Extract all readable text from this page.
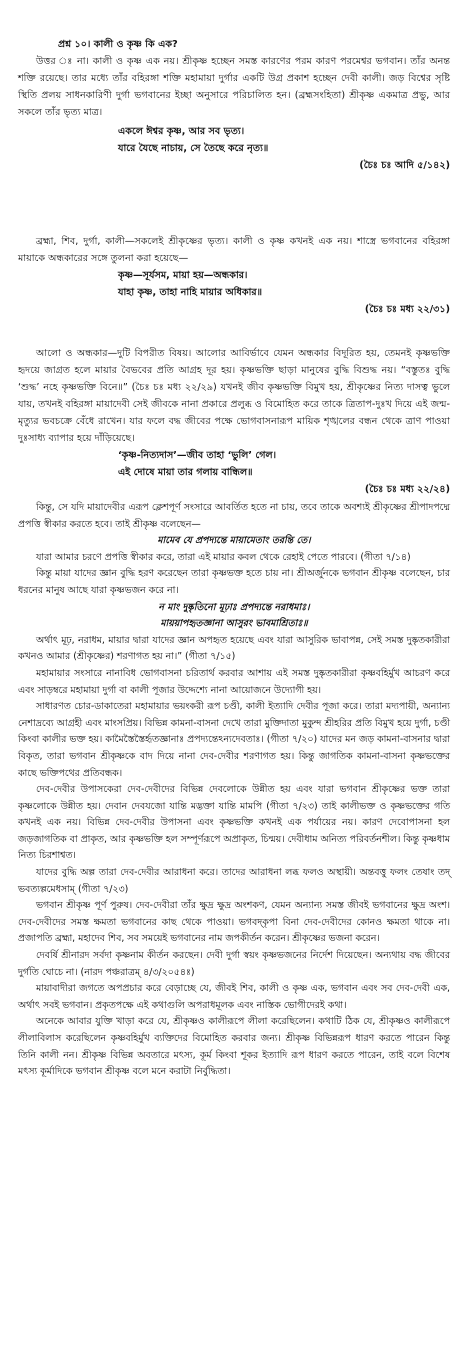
প্রশ্ন ১০। কালী ও কৃষ্ণ কি এক?

উত্তর ঃ না। কালী ও কৃষ্ণ এক নয়। শ্রীকৃষ্ণ হচ্ছেন সমস্ত কারণের পরম কারণ পরমেশ্বর ভগবান। তাঁর অনন্ত শক্তি রয়েছে। তার মধ্যে তাঁর বহিরঙ্গা শক্তি মহামায়া দুর্গার একটি উগ্র প্রকাশ হচ্ছেন দেবী কালী। জড় বিশ্বের সৃষ্টি স্থিতি প্রলয় সাধনকারিণী দুর্গা ভগবানের ইচ্ছা অনুসারে পরিচালিত হন। (ব্রহ্মসংহিতা) শ্রীকৃষ্ণ একমাত্র প্রভু, আর সকলে তাঁর ভৃত্য মাত্র।

একলে ঈশ্বর কৃষ্ণ, আর সব ভৃত্য।

যারে যৈছে নাচায়, সে তৈছে করে নৃত্য॥

(চৈঃ চঃ আদি ৫/১৪২)

ব্রহ্মা, শিব, দুর্গা, কালী—সকলেই শ্রীকৃষ্ণের ভৃত্য। কালী ও কৃষ্ণ কখনই এক নয়। শাস্ত্রে ভগবানের বহিরঙ্গা মায়াকে অন্ধকারের সঙ্গে তুলনা করা হয়েছে—

কৃষ্ণ—সূর্যসম, মায়া হয়—অন্ধকার।

যাহা কৃষ্ণ, তাহা নাহি মায়ার অধিকার॥

(চৈঃ চঃ মধ্য ২২/৩১)

আলো ও অন্ধকার—দুটি বিপরীত বিষয়। আলোর আবির্ভাবে যেমন অন্ধকার বিদূরিত হয়, তেমনই কৃষ্ণভক্তি হৃদয়ে জাগ্রত হলে মায়ার বৈভবের প্রতি আগ্রহ দূর হয়। কৃষ্ণভক্তি ছাড়া মানুষের বুদ্ধি বিশুদ্ধ নয়। “বস্তুতঃ বুদ্ধি ‘শুদ্ধ’ নহে কৃষ্ণভক্তি বিনে॥” (চৈঃ চঃ মধ্য ২২/২৯) যখনই জীব কৃষ্ণভক্তি বিমুখ হয়, শ্রীকৃষ্ণের নিত্য দাসত্ব ভুলে যায়, তখনই বহিরঙ্গা মায়াদেবী সেই জীবকে নানা প্রকারে প্রলুব্ধ ও বিমোহিত করে তাকে ত্রিতাপ-দুঃখ দিয়ে এই জন্ম-মৃত্যুর ভবচক্রে বেঁধে রাখেন। যার ফলে বদ্ধ জীবের পক্ষে ভোগবাসনারূপ মায়িক শৃঙ্খলের বন্ধন থেকে ত্রাণ পাওয়া দুঃসাধ্য ব্যাপার হয়ে দাঁড়িয়েছে।

‘কৃষ্ণ-নিত্যদাস’—জীব তাহা ‘ভুলি’ গেল।

এই দোষে মায়া তার গলায় বান্ধিল॥

(চৈঃ চঃ মধ্য ২২/২৪)

কিন্তু, সে যদি মায়াদেবীর এরূপ ক্লেশপূর্ণ সংসারে আবর্তিত হতে না চায়, তবে তাকে অবশ্যই শ্রীকৃষ্ণের শ্রীপাদপদ্মে প্রপত্তি স্বীকার করতে হবে। তাই শ্রীকৃষ্ণ বলেছেন—

মামেব যে প্রপদ্যন্তে মায়ামেতাং তরন্তি তে।

যারা আমার চরণে প্রপত্তি স্বীকার করে, তারা এই মায়ার কবল থেকে রেহাই পেতে পারবে। (গীতা ৭/১৪)

কিন্তু মায়া যাদের জ্ঞান বুদ্ধি হরণ করেছেন তারা কৃষ্ণভক্ত হতে চায় না। শ্রীঅর্জুনকে ভগবান শ্রীকৃষ্ণ বলেছেন, চার ধরনের মানুষ আছে যারা কৃষ্ণভজন করে না।

ন মাং দুষ্কৃতিনো মূঢ়াঃ প্রপদ্যন্তে নরাধমাঃ।

মায়য়াপহৃতজ্ঞানা আসুরং ভাবমাশ্রিতাঃ॥

অর্থাৎ মূঢ়, নরাধম, মায়ার দ্বারা যাদের জ্ঞান অপহৃত হয়েছে এবং যারা আসুরিক ভাবাপন্ন, সেই সমস্ত দুষ্কৃতকারীরা কখনও আমার (শ্রীকৃষ্ণের) শরণাগত হয় না।” (গীতা ৭/১৫)

মহামায়ার সংসারে নানাবিধ ভোগবাসনা চরিতার্থ করবার আশায় এই সমস্ত দুষ্কৃতকারীরা কৃষ্ণবহির্মুখ আচরণ করে এবং সাড়ম্বরে মহামায়া দুর্গা বা কালী পূজার উদ্দেশ্যে নানা আয়োজনে উদ্যোগী হয়।

সাধারণত চোর-ডাকাতেরা মহামায়ার ভয়ংকরী রূপ চণ্ডী, কালী ইত্যাদি দেবীর পূজা করে। তারা মদ্যপায়ী, অন্যান্য নেশাদ্রব্যে আগ্রহী এবং মাংসপ্রিয়। বিভিন্ন কামনা-বাসনা দেখে তারা মুক্তিদাতা মুকুন্দ শ্রীহরির প্রতি বিমুখ হয়ে দুর্গা, চণ্ডী কিংবা কালীর ভক্ত হয়। কামৈস্তৈস্তৈর্হৃতজ্ঞানাঃ প্রপদ্যন্তেঽন্যদেবতাঃ। (গীতা ৭/২০) যাদের মন জড় কামনা-বাসনার দ্বারা বিকৃত, তারা ভগবান শ্রীকৃষ্ণকে বাদ দিয়ে নানা দেব-দেবীর শরণাগত হয়। কিন্তু জাগতিক কামনা-বাসনা কৃষ্ণভক্তের কাছে ভক্তিপথের প্রতিবন্ধক।

দেব-দেবীর উপাসকেরা দেব-দেবীদের বিভিন্ন দেবলোকে উন্নীত হয় এবং যারা ভগবান শ্রীকৃষ্ণের ভক্ত তারা কৃষ্ণলোকে উন্নীত হয়। দেবান দেবযজো যান্তি মদ্ভক্তা যান্তি মামপি (গীতা ৭/২৩) তাই কালীভক্ত ও কৃষ্ণভক্তের গতি কখনই এক নয়। বিভিন্ন দেব-দেবীর উপাসনা এবং কৃষ্ণভক্তি কখনই এক পর্যায়ের নয়। কারণ দেবোপাসনা হল জড়জাগতিক বা প্রাকৃত, আর কৃষ্ণভক্তি হল সম্পূর্ণরূপে অপ্রাকৃত, চিন্ময়। দেবীধাম অনিত্য পরিবর্তনশীল। কিন্তু কৃষ্ণধাম নিত্য চিরশাশ্বত।

যাদের বুদ্ধি অল্প তারা দেব-দেবীর আরাধনা করে। তাদের আরাধনা লব্ধ ফলও অস্থায়ী। অন্তবত্তু ফলং তেষাং তদ্ ভবত্যল্পমেধসাম্ (গীতা ৭/২৩)

ভগবান শ্রীকৃষ্ণ পূর্ণ পুরুষ। দেব-দেবীরা তাঁর ক্ষুদ্র ক্ষুদ্র অংশকণ, যেমন অন্যান্য সমস্ত জীবই ভগবানের ক্ষুদ্র অংশ। দেব-দেবীদের সমস্ত ক্ষমতা ভগবানের কাছ থেকে পাওয়া। ভগবদ্‌কৃপা বিনা দেব-দেবীদের কোনও ক্ষমতা থাকে না। প্রজাপতি ব্রহ্মা, মহাদেব শিব, সব সময়েই ভগবানের নাম জপকীর্তন করেন। শ্রীকৃষ্ণের ভজনা করেন।

দেবর্ষি শ্রীনারদ সর্বদা কৃষ্ণনাম কীর্তন করছেন। দেবী দুর্গা স্বয়ং কৃষ্ণভজনের নির্দেশ দিয়েছেন। অন্যথায় বদ্ধ জীবের দুর্গতি ঘোচে না। (নারদ পঞ্চরাত্রম্ ৪/৩/২০৫৪ঃ)

মায়াবাদীরা জগতে অপপ্রচার করে বেড়াচ্ছে যে, জীবই শিব, কালী ও কৃষ্ণ এক, ভগবান এবং সব দেব-দেবী এক, অর্থাৎ সবই ভগবান। প্রকৃতপক্ষে এই কথাগুলি অপরাধমূলক এবং নাস্তিক ভোগীদেরই কথা।

অনেকে আবার যুক্তি খাড়া করে যে, শ্রীকৃষ্ণও কালীরূপে লীলা করেছিলেন। কথাটি ঠিক যে, শ্রীকৃষ্ণও কালীরূপে লীলাবিলাস করেছিলেন কৃষ্ণবহির্মুখ ব্যক্তিদের বিমোহিত করবার জন্য। শ্রীকৃষ্ণ বিভিন্নরূপ ধারণ করতে পারেন কিন্তু তিনি কালী নন। শ্রীকৃষ্ণ বিভিন্ন অবতারে মৎস্য, কূর্ম কিংবা শূকর ইত্যাদি রূপ ধারণ করতে পারেন, তাই বলে বিশেষ মৎস্য কূর্মাদিকে ভগবান শ্রীকৃষ্ণ বলে মনে করাটা নির্বুদ্ধিতা।
